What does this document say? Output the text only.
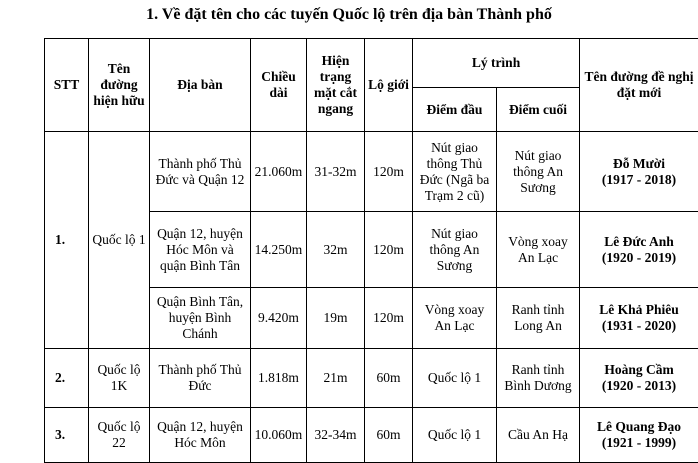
1. Về đặt tên cho các tuyến Quốc lộ trên địa bàn Thành phố
STT	Tên đường hiện hữu	Địa bàn	Chiều dài	Hiện trạng mặt cắt ngang	Lộ giới	Lý trình		Tên đường đề nghị đặt mới
						Điểm đầu	Điểm cuối	
1.	Quốc lộ 1	Thành phố Thủ Đức và Quận 12	21.060m	31-32m	120m	Nút giao thông Thủ Đức (Ngã ba Trạm 2 cũ)	Nút giao thông An Sương	Đỗ Mười
(1917 - 2018)

		Quận 12, huyện Hóc Môn và quận Bình Tân	14.250m	32m	120m	Nút giao thông An Sương	Vòng xoay An Lạc	Lê Đức Anh
(1920 - 2019)

		Quận Bình Tân, huyện Bình Chánh	9.420m	19m	120m	Vòng xoay An Lạc	Ranh tỉnh Long An	Lê Khả Phiêu
(1931 - 2020)

2.	Quốc lộ 1K	Thành phố Thủ Đức	1.818m	21m	60m	Quốc lộ 1	Ranh tỉnh Bình Dương	Hoàng Cầm
(1920 - 2013)

3.	Quốc lộ 22	Quận 12, huyện Hóc Môn	10.060m	32-34m	60m	Quốc lộ 1	Cầu An Hạ	Lê Quang Đạo
(1921 - 1999)
